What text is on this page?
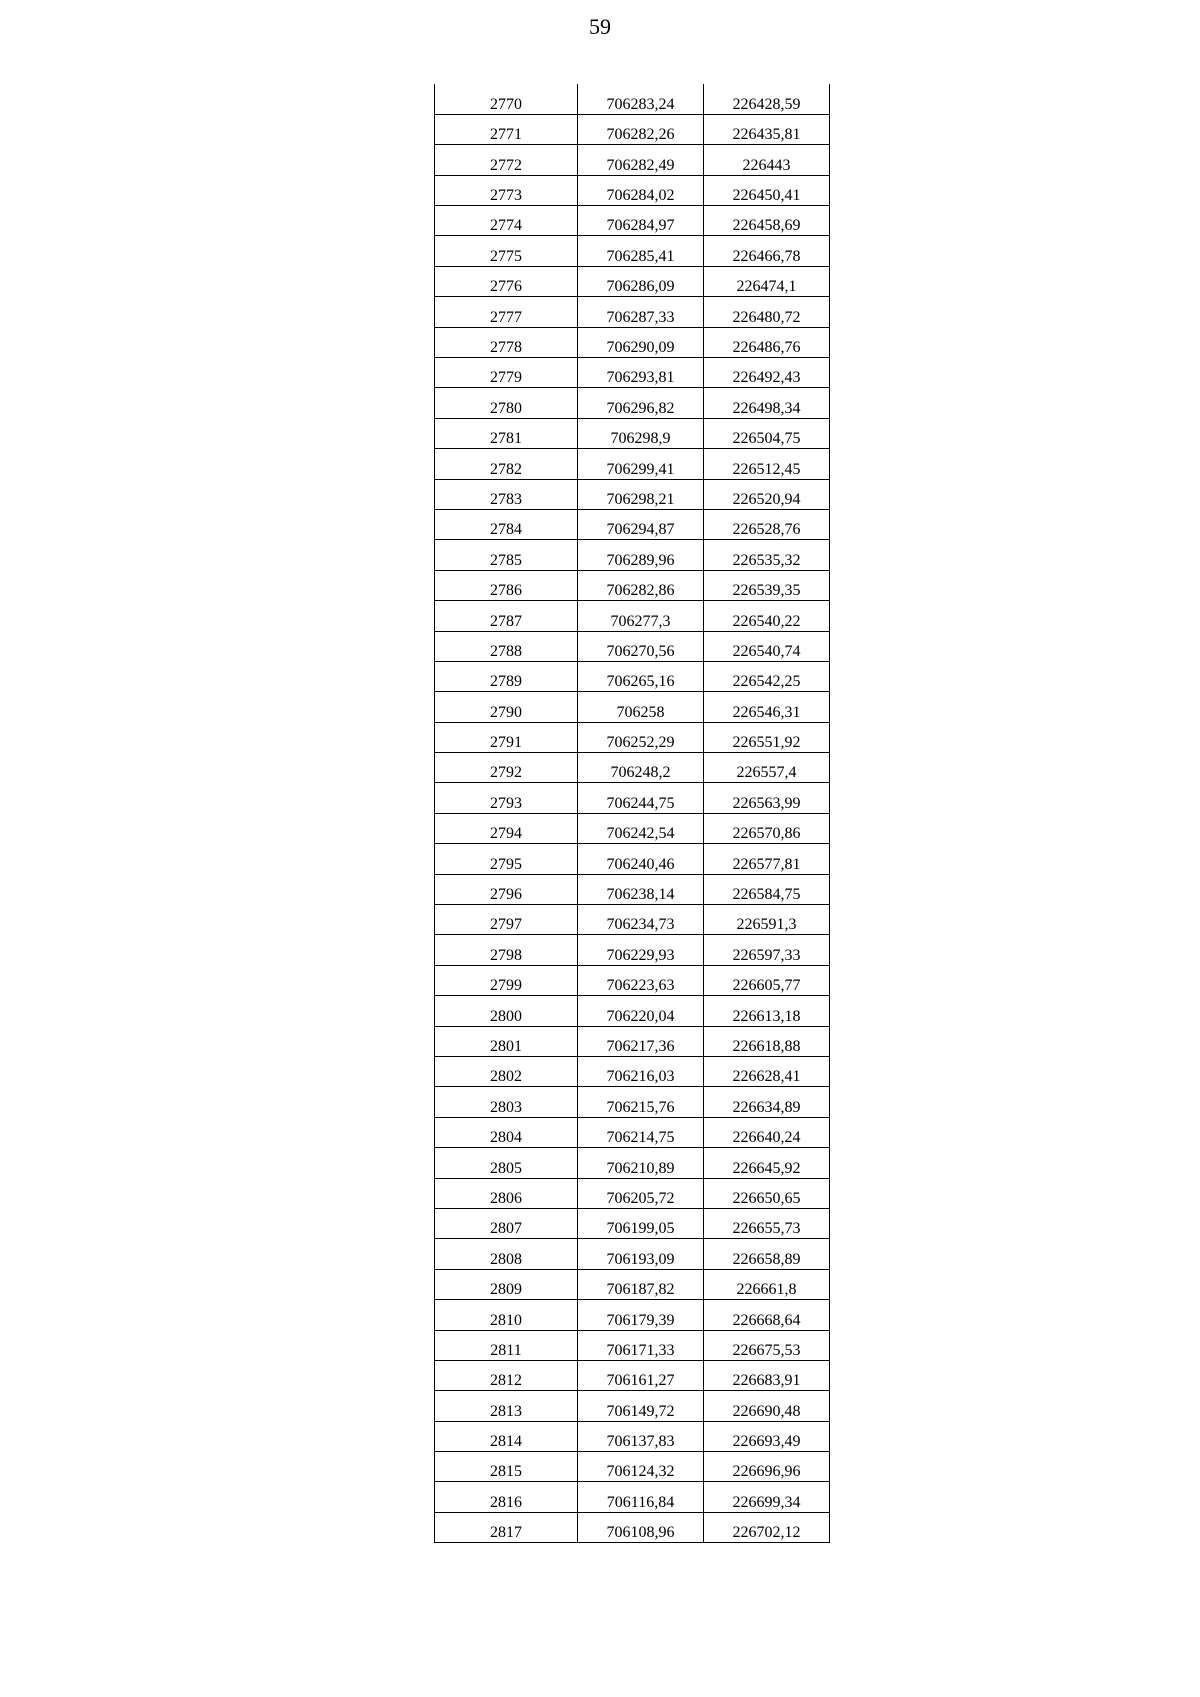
59
2770	706283,24	226428,59
2771	706282,26	226435,81
2772	706282,49	226443
2773	706284,02	226450,41
2774	706284,97	226458,69
2775	706285,41	226466,78
2776	706286,09	226474,1
2777	706287,33	226480,72
2778	706290,09	226486,76
2779	706293,81	226492,43
2780	706296,82	226498,34
2781	706298,9	226504,75
2782	706299,41	226512,45
2783	706298,21	226520,94
2784	706294,87	226528,76
2785	706289,96	226535,32
2786	706282,86	226539,35
2787	706277,3	226540,22
2788	706270,56	226540,74
2789	706265,16	226542,25
2790	706258	226546,31
2791	706252,29	226551,92
2792	706248,2	226557,4
2793	706244,75	226563,99
2794	706242,54	226570,86
2795	706240,46	226577,81
2796	706238,14	226584,75
2797	706234,73	226591,3
2798	706229,93	226597,33
2799	706223,63	226605,77
2800	706220,04	226613,18
2801	706217,36	226618,88
2802	706216,03	226628,41
2803	706215,76	226634,89
2804	706214,75	226640,24
2805	706210,89	226645,92
2806	706205,72	226650,65
2807	706199,05	226655,73
2808	706193,09	226658,89
2809	706187,82	226661,8
2810	706179,39	226668,64
2811	706171,33	226675,53
2812	706161,27	226683,91
2813	706149,72	226690,48
2814	706137,83	226693,49
2815	706124,32	226696,96
2816	706116,84	226699,34
2817	706108,96	226702,12
